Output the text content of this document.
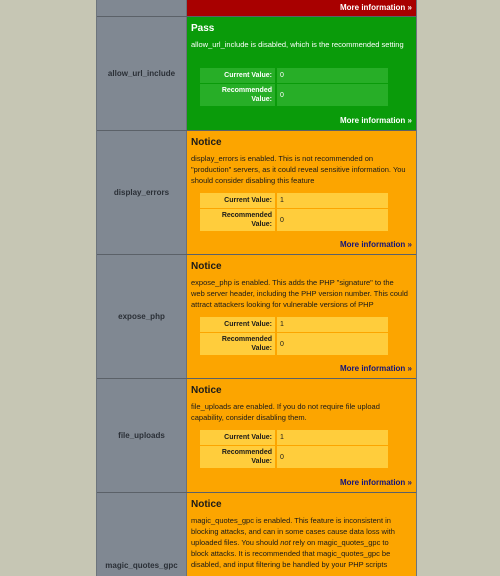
More information »
allow_url_include
Pass
allow_url_include is disabled, which is the recommended setting
Current Value:	0
Recommended Value:
0
More information »
display_errors
Notice
display_errors is enabled. This is not recommended on "production" servers, as it could reveal sensitive information. You should consider disabling this feature
Current Value:	1
Recommended Value:
0
More information »
expose_php
Notice
expose_php is enabled. This adds the PHP "signature" to the web server header, including the PHP version number. This could attract attackers looking for vulnerable versions of PHP
Current Value:	1
Recommended Value:
0
More information »
file_uploads
Notice
file_uploads are enabled. If you do not require file upload capability, consider disabling them.
Current Value:	1
Recommended Value:
0
More information »
magic_quotes_gpc
Notice
magic_quotes_gpc is enabled. This feature is inconsistent in blocking attacks, and can in some cases cause data loss with uploaded files. You should not rely on magic_quotes_gpc to block attacks. It is recommended that magic_quotes_gpc be disabled, and input filtering be handled by your PHP scripts
